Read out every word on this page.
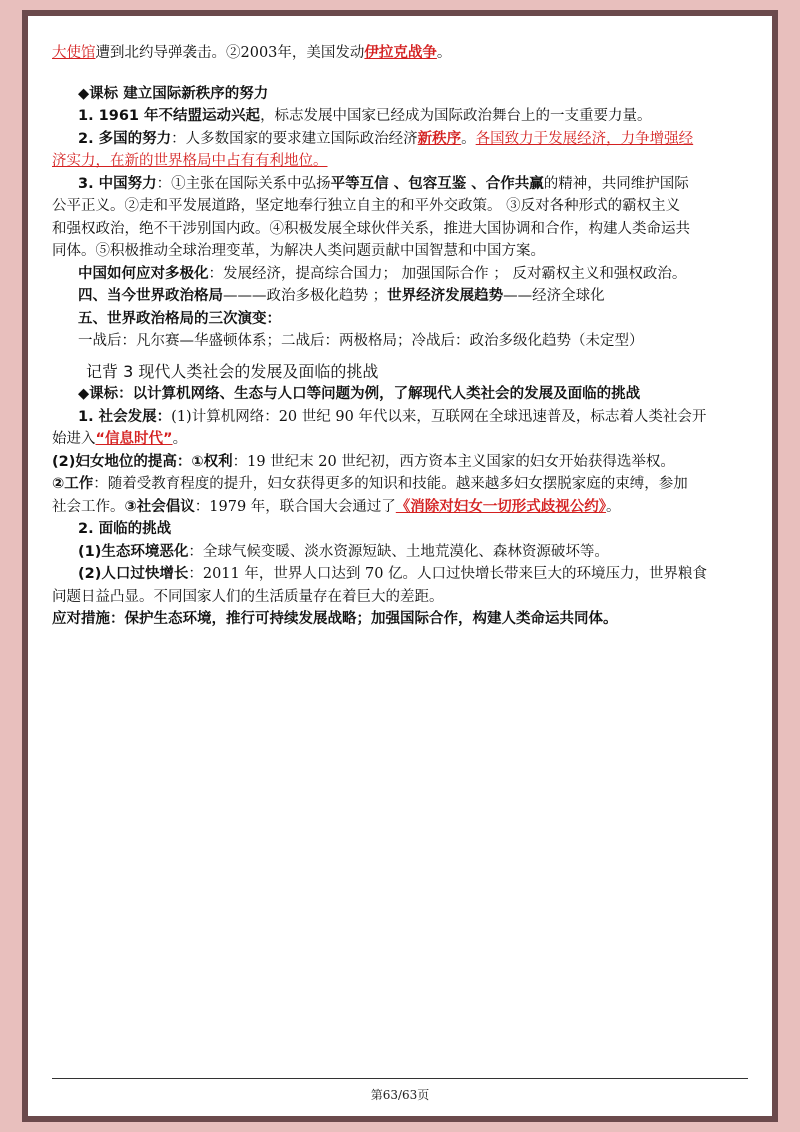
大使馆遭到北约导弹袭击。②2003年，美国发动伊拉克战争。

◆课标 建立国际新秩序的努力

1. 1961 年不结盟运动兴起，标志发展中国家已经成为国际政治舞台上的一支重要力量。

2. 多国的努力：人多数国家的要求建立国际政治经济新秩序。各国致力于发展经济，力争增强经

济实力，在新的世界格局中占有有利地位。

3. 中国努力：①主张在国际关系中弘扬平等互信 、包容互鉴 、合作共赢的精神，共同维护国际

公平正义。②走和平发展道路，坚定地奉行独立自主的和平外交政策。 ③反对各种形式的霸权主义

和强权政治，绝不干涉别国内政。④积极发展全球伙伴关系，推进大国协调和合作，构建人类命运共

同体。⑤积极推动全球治理变革，为解决人类问题贡献中国智慧和中国方案。

中国如何应对多极化：发展经济，提高综合国力； 加强国际合作 ； 反对霸权主义和强权政治。

四、当今世界政治格局———政治多极化趋势 ；世界经济发展趋势——经济全球化

五、世界政治格局的三次演变：

一战后：凡尔赛—华盛顿体系；二战后：两极格局；冷战后：政治多级化趋势（未定型）

记背 3 现代人类社会的发展及面临的挑战

◆课标：以计算机网络、生态与人口等问题为例，了解现代人类社会的发展及面临的挑战

1. 社会发展：(1)计算机网络：20 世纪 90 年代以来，互联网在全球迅速普及，标志着人类社会开

始进入“信息时代”。

(2)妇女地位的提高：①权利：19 世纪末 20 世纪初，西方资本主义国家的妇女开始获得选举权。

②工作：随着受教育程度的提升，妇女获得更多的知识和技能。越来越多妇女摆脱家庭的束缚，参加

社会工作。③社会倡议：1979 年，联合国大会通过了《消除对妇女一切形式歧视公约》。

2. 面临的挑战

(1)生态环境恶化：全球气候变暖、淡水资源短缺、土地荒漠化、森林资源破坏等。

(2)人口过快增长：2011 年，世界人口达到 70 亿。人口过快增长带来巨大的环境压力，世界粮食

问题日益凸显。不同国家人们的生活质量存在着巨大的差距。

应对措施：保护生态环境，推行可持续发展战略；加强国际合作，构建人类命运共同体。

第63/63页
